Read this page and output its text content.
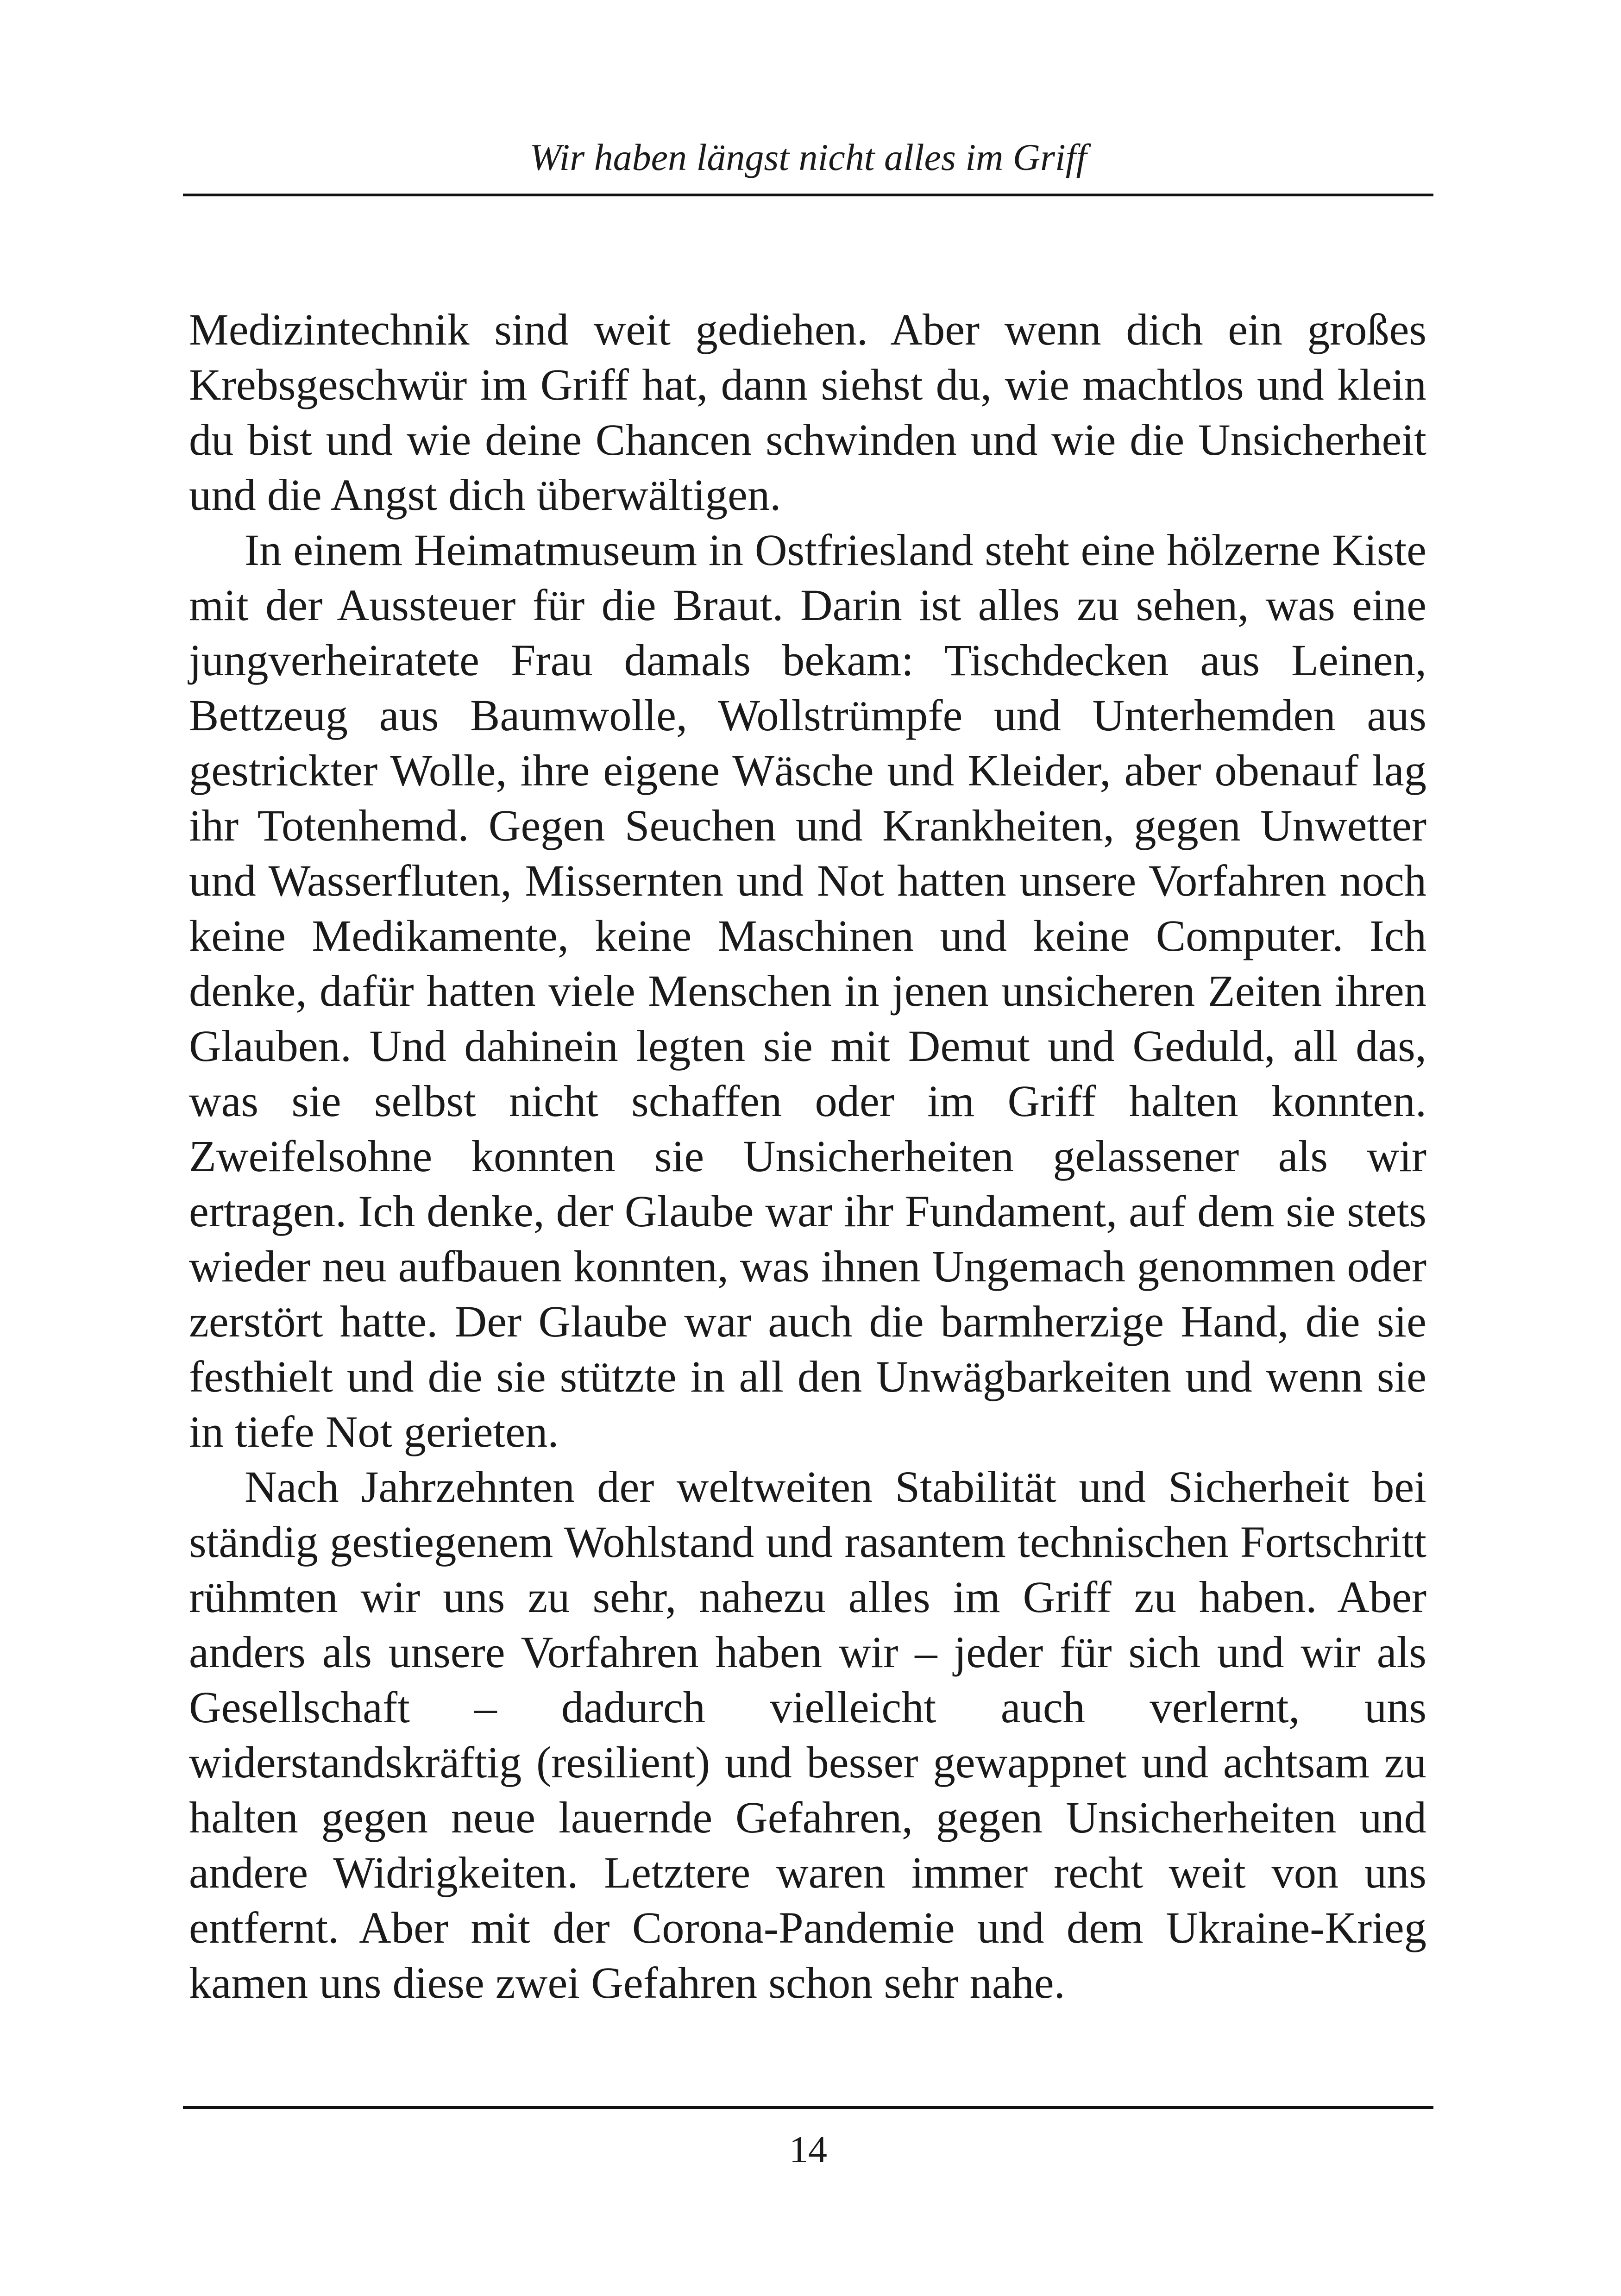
Wir haben längst nicht alles im Griff

Medizintechnik sind weit gediehen. Aber wenn dich ein großes Krebsgeschwür im Griff hat, dann siehst du, wie machtlos und klein du bist und wie deine Chancen schwinden und wie die Unsicherheit und die Angst dich überwältigen.

In einem Heimatmuseum in Ostfriesland steht eine hölzerne Kiste mit der Aussteuer für die Braut. Darin ist alles zu sehen, was eine jungverheiratete Frau damals bekam: Tischdecken aus Leinen, Bettzeug aus Baumwolle, Wollstrümpfe und Unterhemden aus gestrickter Wolle, ihre eigene Wäsche und Kleider, aber obenauf lag ihr Totenhemd. Gegen Seuchen und Krankheiten, gegen Unwetter und Wasserfluten, Missernten und Not hatten unsere Vorfahren noch keine Medikamente, keine Maschinen und keine Computer. Ich denke, dafür hatten viele Menschen in jenen unsicheren Zeiten ihren Glauben. Und dahinein legten sie mit Demut und Geduld, all das, was sie selbst nicht schaffen oder im Griff halten konnten. Zweifelsohne konnten sie Unsicherheiten gelassener als wir ertragen. Ich denke, der Glaube war ihr Fundament, auf dem sie stets wieder neu aufbauen konnten, was ihnen Ungemach genommen oder zerstört hatte. Der Glaube war auch die barmherzige Hand, die sie festhielt und die sie stützte in all den Unwägbarkeiten und wenn sie in tiefe Not gerieten.

Nach Jahrzehnten der weltweiten Stabilität und Sicherheit bei ständig gestiegenem Wohlstand und rasantem technischen Fortschritt rühmten wir uns zu sehr, nahezu alles im Griff zu haben. Aber anders als unsere Vorfahren haben wir – jeder für sich und wir als Gesellschaft – dadurch vielleicht auch verlernt, uns widerstandskräftig (resilient) und besser gewappnet und achtsam zu halten gegen neue lauernde Gefahren, gegen Unsicherheiten und andere Widrigkeiten. Letztere waren immer recht weit von uns entfernt. Aber mit der Corona-Pandemie und dem Ukraine-Krieg kamen uns diese zwei Gefahren schon sehr nahe.

14
